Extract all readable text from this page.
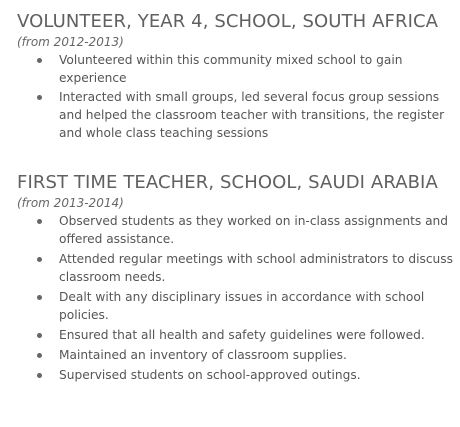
VOLUNTEER, YEAR 4, SCHOOL, SOUTH AFRICA
(from 2012-2013)
Volunteered within this community mixed school to gain experience
Interacted with small groups, led several focus group sessions and helped the classroom teacher with transitions, the register and whole class teaching sessions
FIRST TIME TEACHER, SCHOOL, SAUDI ARABIA
(from 2013-2014)
Observed students as they worked on in-class assignments and offered assistance.
Attended regular meetings with school administrators to discuss classroom needs.
Dealt with any disciplinary issues in accordance with school policies.
Ensured that all health and safety guidelines were followed.
Maintained an inventory of classroom supplies.
Supervised students on school-approved outings.
